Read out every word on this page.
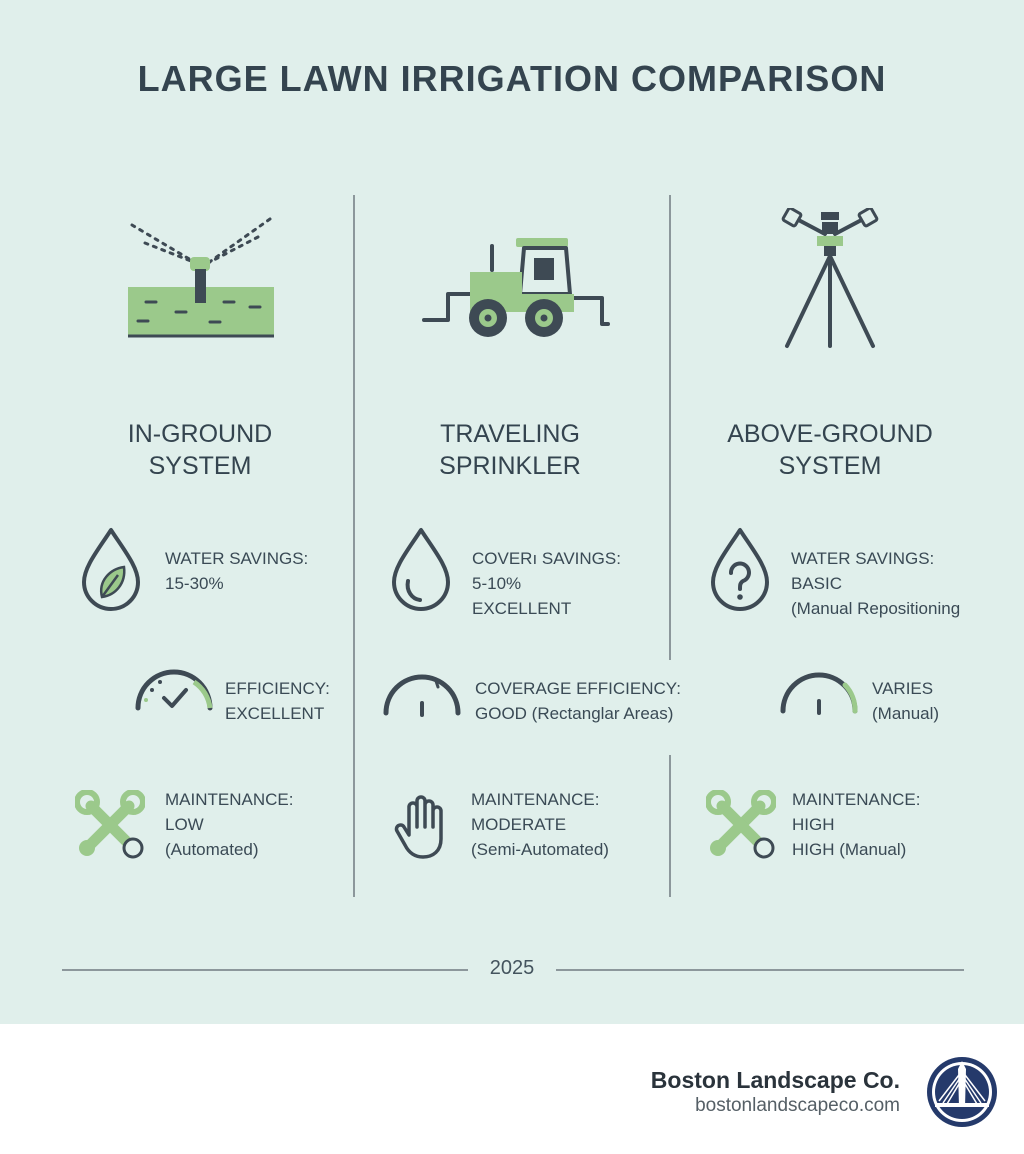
LARGE LAWN IRRIGATION COMPARISON
IN-GROUND
SYSTEM
WATER SAVINGS:
15-30%
EFFICIENCY:
EXCELLENT
MAINTENANCE:
LOW
(Automated)
TRAVELING
SPRINKLER
COVERı SAVINGS:
5-10%
EXCELLENT
COVERAGE EFFICIENCY:
GOOD (Rectanglar Areas)
MAINTENANCE:
MODERATE
(Semi-Automated)
ABOVE-GROUND
SYSTEM
WATER SAVINGS:
BASIC
(Manual Repositioning
VARIES
(Manual)
MAINTENANCE:
HIGH
HIGH (Manual)
2025
Boston Landscape Co.
bostonlandscapeco.com
